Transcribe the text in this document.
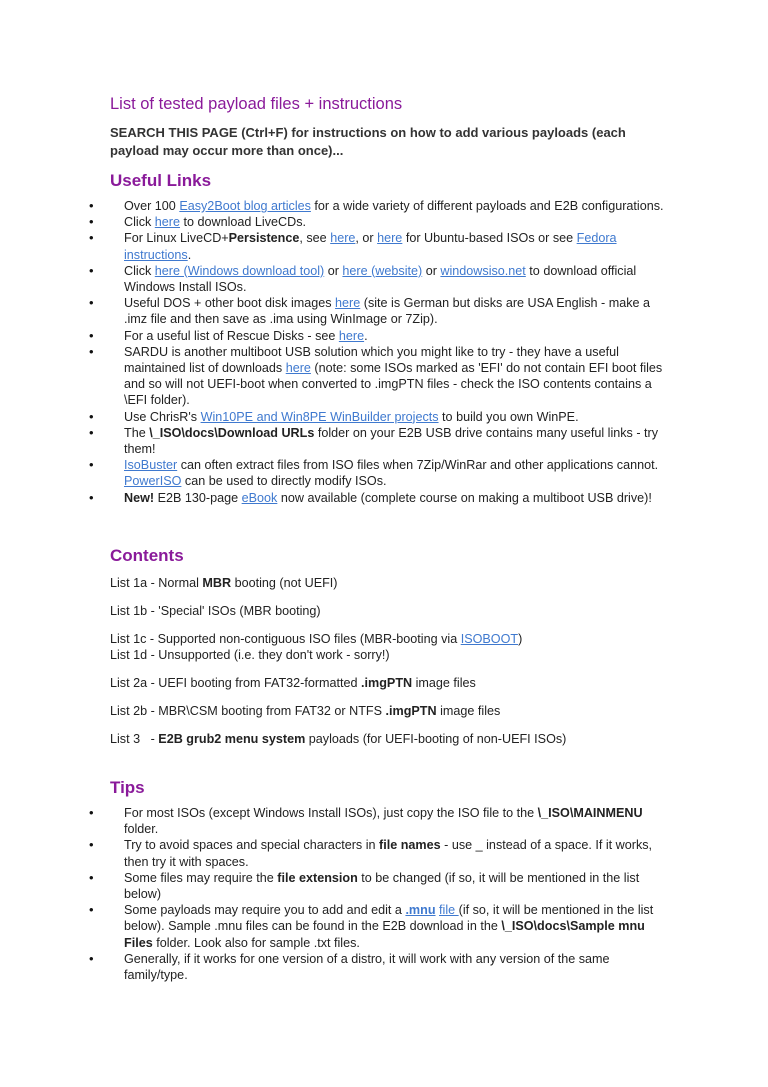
List of tested payload files + instructions
SEARCH THIS PAGE (Ctrl+F) for instructions on how to add various payloads (each payload may occur more than once)...
Useful Links
• Over 100 Easy2Boot blog articles for a wide variety of different payloads and E2B configurations.
• Click here to download LiveCDs.
• For Linux LiveCD+Persistence, see here, or here for Ubuntu-based ISOs or see Fedora instructions.
• Click here (Windows download tool) or here (website) or windowsiso.net to download official Windows Install ISOs.
• Useful DOS + other boot disk images here (site is German but disks are USA English - make a .imz file and then save as .ima using WinImage or 7Zip).
• For a useful list of Rescue Disks - see here.
• SARDU is another multiboot USB solution which you might like to try - they have a useful maintained list of downloads here (note: some ISOs marked as 'EFI' do not contain EFI boot files and so will not UEFI-boot when converted to .imgPTN files - check the ISO contents contains a \EFI folder).
• Use ChrisR's Win10PE and Win8PE WinBuilder projects to build you own WinPE.
• The \_ISO\docs\Download URLs folder on your E2B USB drive contains many useful links - try them!
• IsoBuster can often extract files from ISO files when 7Zip/WinRar and other applications cannot. PowerISO can be used to directly modify ISOs.
• New! E2B 130-page eBook now available (complete course on making a multiboot USB drive)!
Contents
List 1a - Normal MBR booting (not UEFI)
List 1b - 'Special' ISOs (MBR booting)
List 1c - Supported non-contiguous ISO files (MBR-booting via ISOBOOT)
List 1d - Unsupported (i.e. they don't work - sorry!)
List 2a - UEFI booting from FAT32-formatted .imgPTN image files
List 2b - MBR\CSM booting from FAT32 or NTFS .imgPTN image files
List 3   - E2B grub2 menu system payloads (for UEFI-booting of non-UEFI ISOs)
Tips
• For most ISOs (except Windows Install ISOs), just copy the ISO file to the \_ISO\MAINMENU folder.
• Try to avoid spaces and special characters in file names - use _ instead of a space. If it works, then try it with spaces.
• Some files may require the file extension to be changed (if so, it will be mentioned in the list below)
• Some payloads may require you to add and edit a .mnu file (if so, it will be mentioned in the list below). Sample .mnu files can be found in the E2B download in the \_ISO\docs\Sample mnu Files folder. Look also for sample .txt files.
• Generally, if it works for one version of a distro, it will work with any version of the same family/type.
